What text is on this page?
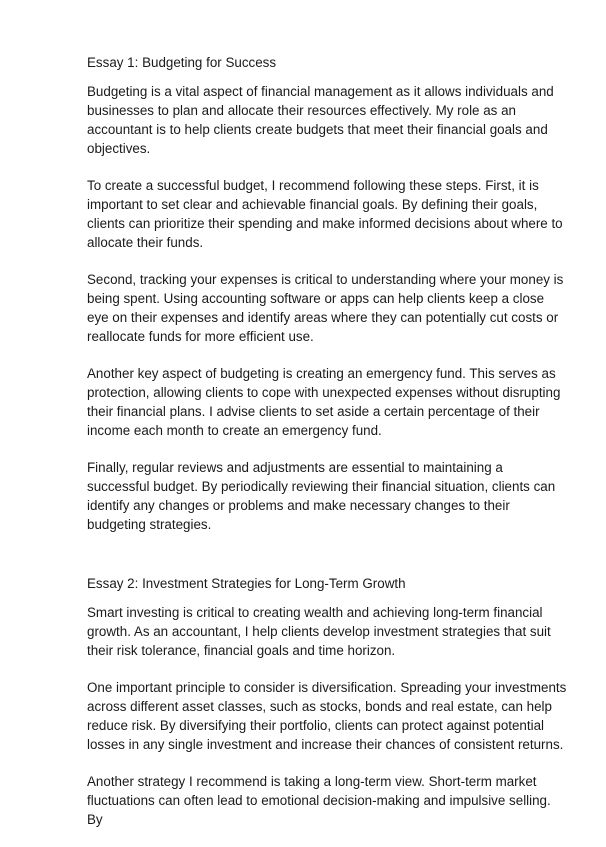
Essay 1: Budgeting for Success

Budgeting is a vital aspect of financial management as it allows individuals and businesses to plan and allocate their resources effectively. My role as an accountant is to help clients create budgets that meet their financial goals and objectives.

To create a successful budget, I recommend following these steps. First, it is important to set clear and achievable financial goals. By defining their goals, clients can prioritize their spending and make informed decisions about where to allocate their funds.

Second, tracking your expenses is critical to understanding where your money is being spent. Using accounting software or apps can help clients keep a close eye on their expenses and identify areas where they can potentially cut costs or reallocate funds for more efficient use.

Another key aspect of budgeting is creating an emergency fund. This serves as protection, allowing clients to cope with unexpected expenses without disrupting their financial plans. I advise clients to set aside a certain percentage of their income each month to create an emergency fund.

Finally, regular reviews and adjustments are essential to maintaining a successful budget. By periodically reviewing their financial situation, clients can identify any changes or problems and make necessary changes to their budgeting strategies.

Essay 2: Investment Strategies for Long-Term Growth

Smart investing is critical to creating wealth and achieving long-term financial growth. As an accountant, I help clients develop investment strategies that suit their risk tolerance, financial goals and time horizon.

One important principle to consider is diversification. Spreading your investments across different asset classes, such as stocks, bonds and real estate, can help reduce risk. By diversifying their portfolio, clients can protect against potential losses in any single investment and increase their chances of consistent returns.

Another strategy I recommend is taking a long-term view. Short-term market fluctuations can often lead to emotional decision-making and impulsive selling. By
